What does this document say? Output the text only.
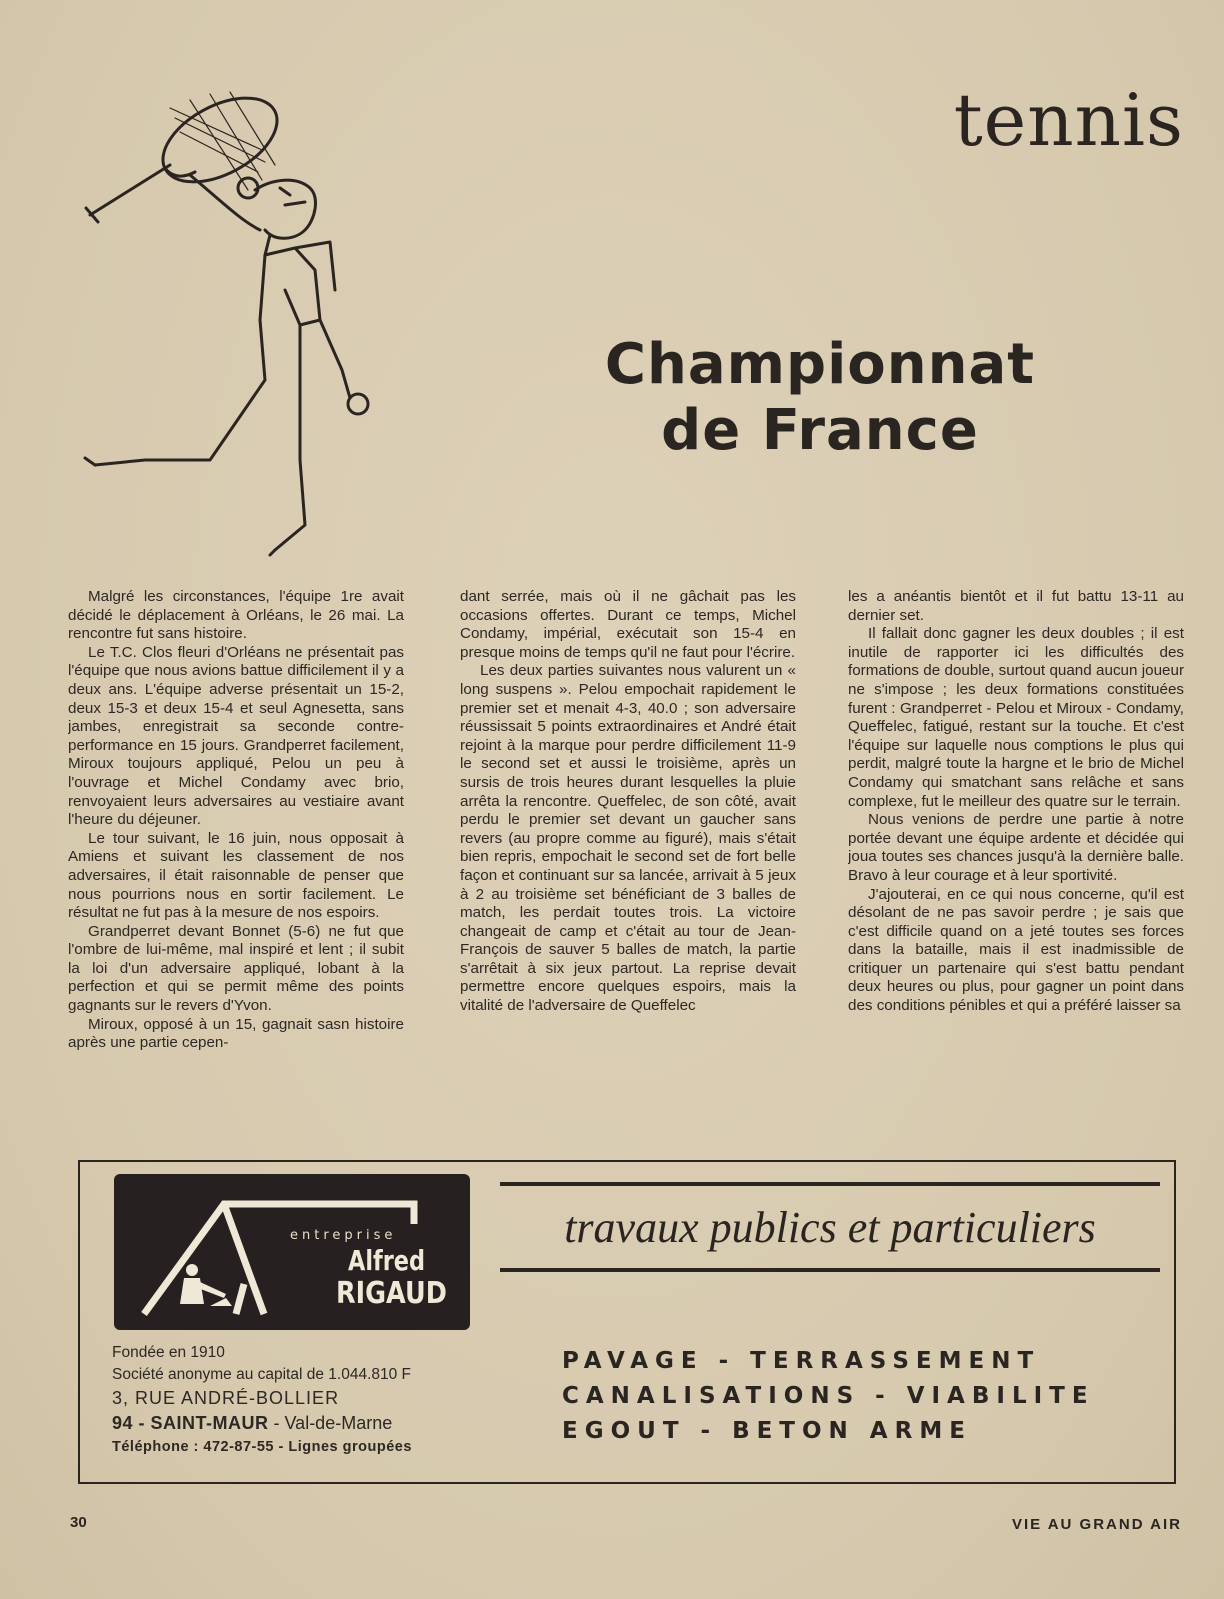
tennis
Championnat
de France

Malgré les circonstances, l'équipe 1re avait décidé le déplacement à Orléans, le 26 mai. La rencontre fut sans histoire.

Le T.C. Clos fleuri d'Orléans ne présentait pas l'équipe que nous avions battue difficilement il y a deux ans. L'équipe adverse présentait un 15-2, deux 15-3 et deux 15-4 et seul Agnesetta, sans jambes, enregistrait sa seconde contre-performance en 15 jours. Grandperret facilement, Miroux toujours appliqué, Pelou un peu à l'ouvrage et Michel Condamy avec brio, renvoyaient leurs adversaires au vestiaire avant l'heure du déjeuner.

Le tour suivant, le 16 juin, nous opposait à Amiens et suivant les classement de nos adversaires, il était raisonnable de penser que nous pourrions nous en sortir facilement. Le résultat ne fut pas à la mesure de nos espoirs.

Grandperret devant Bonnet (5-6) ne fut que l'ombre de lui-même, mal inspiré et lent ; il subit la loi d'un adversaire appliqué, lobant à la perfection et qui se permit même des points gagnants sur le revers d'Yvon.

Miroux, opposé à un 15, gagnait sasn histoire après une partie cepen-

dant serrée, mais où il ne gâchait pas les occasions offertes. Durant ce temps, Michel Condamy, impérial, exécutait son 15-4 en presque moins de temps qu'il ne faut pour l'écrire.

Les deux parties suivantes nous valurent un « long suspens ». Pelou empochait rapidement le premier set et menait 4-3, 40.0 ; son adversaire réussissait 5 points extraordinaires et André était rejoint à la marque pour perdre difficilement 11-9 le second set et aussi le troisième, après un sursis de trois heures durant lesquelles la pluie arrêta la rencontre. Queffelec, de son côté, avait perdu le premier set devant un gaucher sans revers (au propre comme au figuré), mais s'était bien repris, empochait le second set de fort belle façon et continuant sur sa lancée, arrivait à 5 jeux à 2 au troisième set bénéficiant de 3 balles de match, les perdait toutes trois. La victoire changeait de camp et c'était au tour de Jean-François de sauver 5 balles de match, la partie s'arrêtait à six jeux partout. La reprise devait permettre encore quelques espoirs, mais la vitalité de l'adversaire de Queffelec

les a anéantis bientôt et il fut battu 13-11 au dernier set.

Il fallait donc gagner les deux doubles ; il est inutile de rapporter ici les difficultés des formations de double, surtout quand aucun joueur ne s'impose ; les deux formations constituées furent : Grandperret - Pelou et Miroux - Condamy, Queffelec, fatigué, restant sur la touche. Et c'est l'équipe sur laquelle nous comptions le plus qui perdit, malgré toute la hargne et le brio de Michel Condamy qui smatchant sans relâche et sans complexe, fut le meilleur des quatre sur le terrain.

Nous venions de perdre une partie à notre portée devant une équipe ardente et décidée qui joua toutes ses chances jusqu'à la dernière balle. Bravo à leur courage et à leur sportivité.

J'ajouterai, en ce qui nous concerne, qu'il est désolant de ne pas savoir perdre ; je sais que c'est difficile quand on a jeté toutes ses forces dans la bataille, mais il est inadmissible de critiquer un partenaire qui s'est battu pendant deux heures ou plus, pour gagner un point dans des conditions pénibles et qui a préféré laisser sa

entreprise
Alfred
RIGAUD
travaux publics et particuliers
Fondée en 1910
Société anonyme au capital de 1.044.810 F
3, RUE ANDRÉ-BOLLIER
94 - SAINT-MAUR - Val-de-Marne
Téléphone : 472-87-55 - Lignes groupées
PAVAGE - TERRASSEMENT
CANALISATIONS - VIABILITE
EGOUT - BETON ARME
30	VIE AU GRAND AIR
